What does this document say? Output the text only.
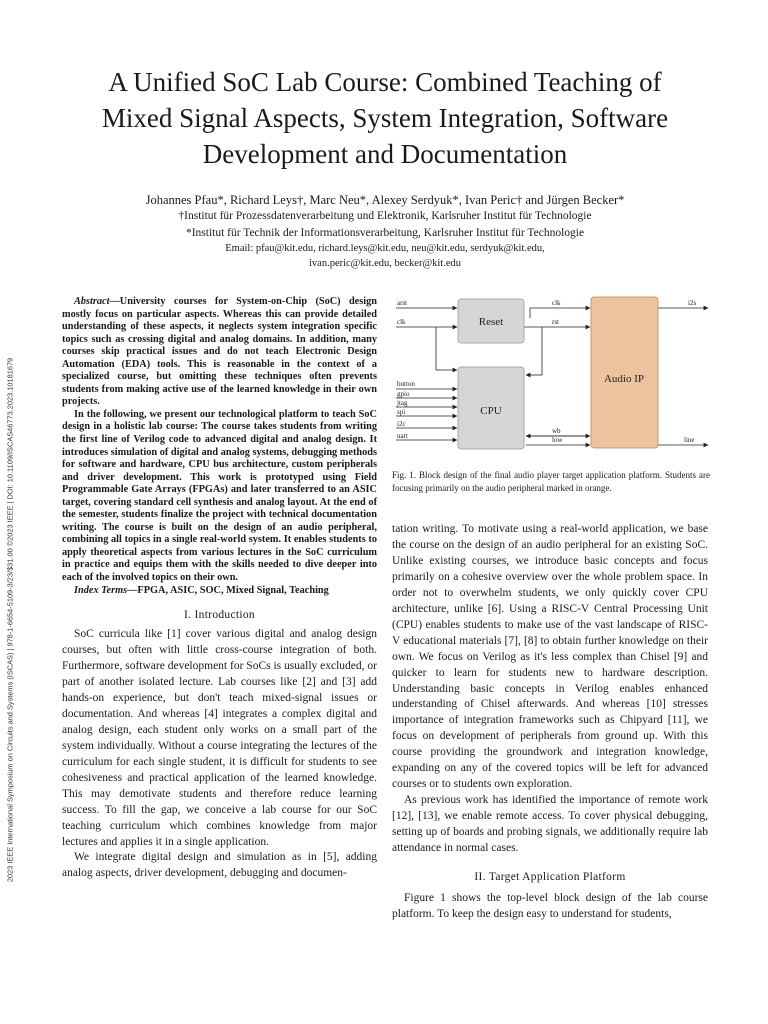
2023 IEEE International Symposium on Circuits and Systems (ISCAS) | 978-1-6654-5109-3/23/$31.00 ©2023 IEEE | DOI: 10.1109/ISCAS46773.2023.10181679
A Unified SoC Lab Course: Combined Teaching of
Mixed Signal Aspects, System Integration, Software
Development and Documentation
Johannes Pfau*, Richard Leys†, Marc Neu*, Alexey Serdyuk*, Ivan Peric† and Jürgen Becker*
†Institut für Prozessdatenverarbeitung und Elektronik, Karlsruher Institut für Technologie
*Institut für Technik der Informationsverarbeitung, Karlsruher Institut für Technologie
Email: pfau@kit.edu, richard.leys@kit.edu, neu@kit.edu, serdyuk@kit.edu,
ivan.peric@kit.edu, becker@kit.edu

Abstract—University courses for System-on-Chip (SoC) design mostly focus on particular aspects. Whereas this can provide detailed understanding of these aspects, it neglects system integration specific topics such as crossing digital and analog domains. In addition, many courses skip practical issues and do not teach Electronic Design Automation (EDA) tools. This is reasonable in the context of a specialized course, but omitting these techniques often prevents students from making active use of the learned knowledge in their own projects.

In the following, we present our technological platform to teach SoC design in a holistic lab course: The course takes students from writing the first line of Verilog code to advanced digital and analog design. It introduces simulation of digital and analog systems, debugging methods for software and hardware, CPU bus architecture, custom peripherals and driver development. This work is prototyped using Field Programmable Gate Arrays (FPGAs) and later transferred to an ASIC target, covering standard cell synthesis and analog layout. At the end of the semester, students finalize the project with technical documentation writing. The course is built on the design of an audio peripheral, combining all topics in a single real-world system. It enables students to apply theoretical aspects from various lectures in the SoC curriculum in practice and equips them with the skills needed to dive deeper into each of the involved topics on their own.

Index Terms—FPGA, ASIC, SOC, Mixed Signal, Teaching

I. Introduction

SoC curricula like [1] cover various digital and analog design courses, but often with little cross-course integration of both. Furthermore, software development for SoCs is usually excluded, or part of another isolated lecture. Lab courses like [2] and [3] add hands-on experience, but don't teach mixed-signal issues or documentation. And whereas [4] integrates a complex digital and analog design, each student only works on a small part of the system individually. Without a course integrating the lectures of the curriculum for each single student, it is difficult for students to see cohesiveness and practical application of the learned knowledge. This may demotivate students and therefore reduce learning success. To fill the gap, we conceive a lab course for our SoC teaching curriculum which combines knowledge from major lectures and applies it in a single application.

We integrate digital design and simulation as in [5], adding analog aspects, driver development, debugging and documen-

Reset
CPU
Audio IP
arst
clk
clk
rst
i2s
button
gpio
jtag
spi
i2c
uart
wb
low	line
Fig. 1. Block design of the final audio player target application platform. Students are focusing primarily on the audio peripheral marked in orange.

tation writing. To motivate using a real-world application, we base the course on the design of an audio peripheral for an existing SoC. Unlike existing courses, we introduce basic concepts and focus primarily on a cohesive overview over the whole problem space. In order not to overwhelm students, we only quickly cover CPU architecture, unlike [6]. Using a RISC-V Central Processing Unit (CPU) enables students to make use of the vast landscape of RISC-V educational materials [7], [8] to obtain further knowledge on their own. We focus on Verilog as it's less complex than Chisel [9] and quicker to learn for students new to hardware description. Understanding basic concepts in Verilog enables enhanced understanding of Chisel afterwards. And whereas [10] stresses importance of integration frameworks such as Chipyard [11], we focus on development of peripherals from ground up. With this course providing the groundwork and integration knowledge, expanding on any of the covered topics will be left for advanced courses or to students own exploration.

As previous work has identified the importance of remote work [12], [13], we enable remote access. To cover physical debugging, setting up of boards and probing signals, we additionally require lab attendance in normal cases.

II. Target Application Platform

Figure 1 shows the top-level block design of the lab course platform. To keep the design easy to understand for students,
